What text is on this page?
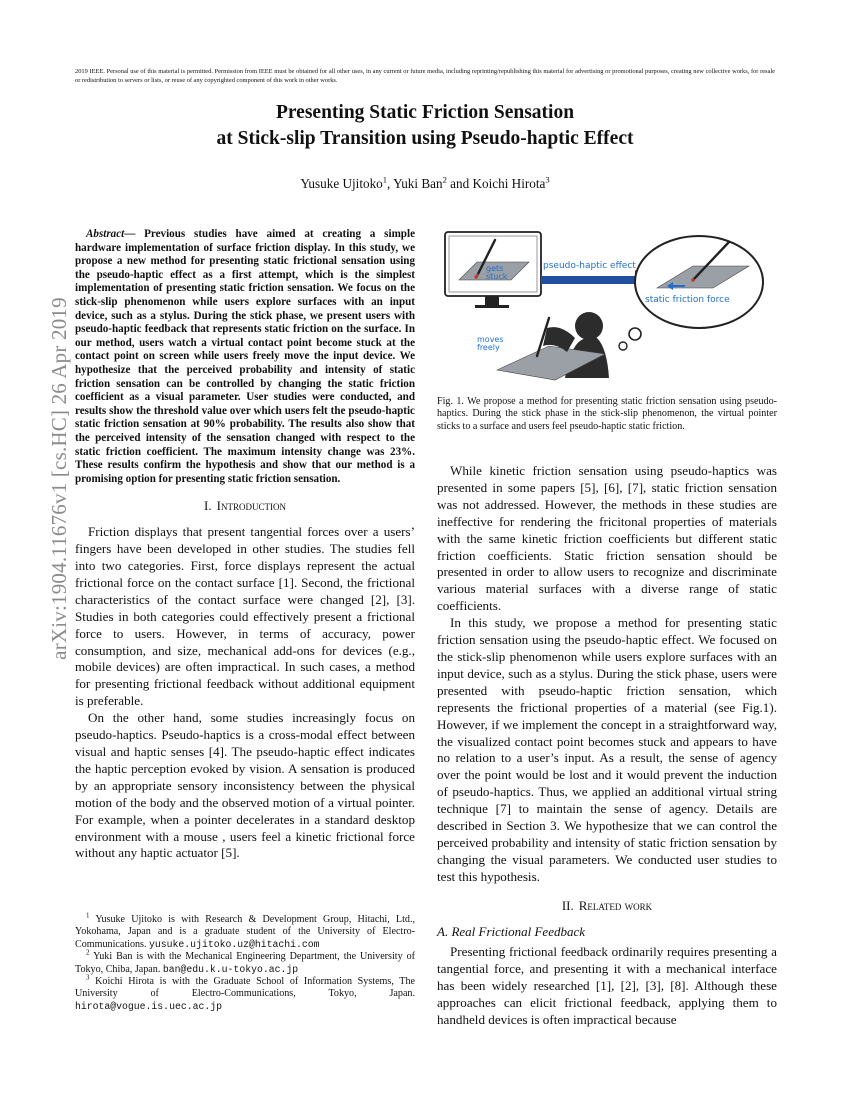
2019 IEEE. Personal use of this material is permitted. Permission from IEEE must be obtained for all other uses, in any current or future media, including reprinting/republishing this material for advertising or promotional purposes, creating new collective works, for resale or redistribution to servers or lists, or reuse of any copyrighted component of this work in other works.
Presenting Static Friction Sensation
at Stick-slip Transition using Pseudo-haptic Effect
Yusuke Ujitoko$^1$, Yuki Ban$^2$ and Koichi Hirota$^3$
arXiv:1904.11676v1 [cs.HC] 26 Apr 2019

Abstract— Previous studies have aimed at creating a simple hardware implementation of surface friction display. In this study, we propose a new method for presenting static frictional sensation using the pseudo-haptic effect as a first attempt, which is the simplest implementation of presenting static friction sensation. We focus on the stick-slip phenomenon while users explore surfaces with an input device, such as a stylus. During the stick phase, we present users with pseudo-haptic feedback that represents static friction on the surface. In our method, users watch a virtual contact point become stuck at the contact point on screen while users freely move the input device. We hypothesize that the perceived probability and intensity of static friction sensation can be controlled by changing the static friction coefficient as a visual parameter. User studies were conducted, and results show the threshold value over which users felt the pseudo-haptic static friction sensation at 90% probability. The results also show that the perceived intensity of the sensation changed with respect to the static friction coefficient. The maximum intensity change was 23%. These results confirm the hypothesis and show that our method is a promising option for presenting static friction sensation.

I. Introduction

Friction displays that present tangential forces over a users’ fingers have been developed in other studies. The studies fell into two categories. First, force displays represent the actual frictional force on the contact surface [1]. Second, the frictional characteristics of the contact surface were changed [2], [3]. Studies in both categories could effectively present a frictional force to users. However, in terms of accuracy, power consumption, and size, mechanical add-ons for devices (e.g., mobile devices) are often impractical. In such cases, a method for presenting frictional feedback without additional equipment is preferable.

On the other hand, some studies increasingly focus on pseudo-haptics. Pseudo-haptics is a cross-modal effect between visual and haptic senses [4]. The pseudo-haptic effect indicates the haptic perception evoked by vision. A sensation is produced by an appropriate sensory inconsistency between the physical motion of the body and the observed motion of a virtual pointer. For example, when a pointer decelerates in a standard desktop environment with a mouse , users feel a kinetic frictional force without any haptic actuator [5].

$^1$ Yusuke Ujitoko is with Research & Development Group, Hitachi, Ltd., Yokohama, Japan and is a graduate student of the University of Electro-Communications. yusuke.ujitoko.uz@hitachi.com

$^2$ Yuki Ban is with the Mechanical Engineering Department, the University of Tokyo, Chiba, Japan. ban@edu.k.u-tokyo.ac.jp

$^3$ Koichi Hirota is with the Graduate School of Information Systems, The University of Electro-Communications, Tokyo, Japan. hirota@vogue.is.uec.ac.jp

gets
stuck
pseudo-haptic effect
static friction force
moves
freely

Fig. 1. We propose a method for presenting static friction sensation using pseudo-haptics. During the stick phase in the stick-slip phenomenon, the virtual pointer sticks to a surface and users feel pseudo-haptic static friction.

While kinetic friction sensation using pseudo-haptics was presented in some papers [5], [6], [7], static friction sensation was not addressed. However, the methods in these studies are ineffective for rendering the fricitonal properties of materials with the same kinetic friction coefficients but different static friction coefficients. Static friction sensation should be presented in order to allow users to recognize and discriminate various material surfaces with a diverse range of static coefficients.

In this study, we propose a method for presenting static friction sensation using the pseudo-haptic effect. We focused on the stick-slip phenomenon while users explore surfaces with an input device, such as a stylus. During the stick phase, users were presented with pseudo-haptic friction sensation, which represents the frictional properties of a material (see Fig.1). However, if we implement the concept in a straightforward way, the visualized contact point becomes stuck and appears to have no relation to a user’s input. As a result, the sense of agency over the point would be lost and it would prevent the induction of pseudo-haptics. Thus, we applied an additional virtual string technique [7] to maintain the sense of agency. Details are described in Section 3. We hypothesize that we can control the perceived probability and intensity of static friction sensation by changing the visual parameters. We conducted user studies to test this hypothesis.

II. Related work
A. Real Frictional Feedback

Presenting frictional feedback ordinarily requires presenting a tangential force, and presenting it with a mechanical interface has been widely researched [1], [2], [3], [8]. Although these approaches can elicit frictional feedback, applying them to handheld devices is often impractical because
